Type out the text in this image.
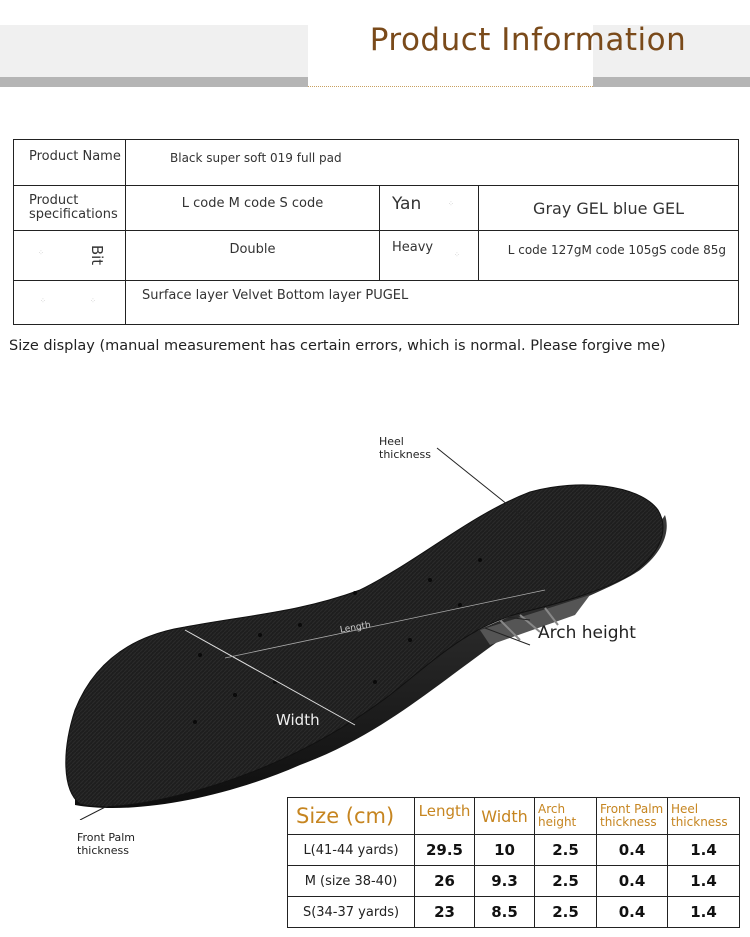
Product Information
Product Name	Black super soft 019 full pad		
Product specifications	L code M code S code	Yan ⁘	Gray GEL blue GEL

⁘ Bit	Double	Heavy ⁘	L code 127gM code 105gS code 85g

⁘ ⁘	Surface layer Velvet Bottom layer PUGEL		
Size display (manual measurement has certain errors, which is normal. Please forgive me)
Heel
thickness
Arch height
Length
Width
Front Palm
thickness
Size (cm)	Length	Width	Arch height	Front Palm thickness	Heel thickness
L(41-44 yards)	29.5	10	2.5	0.4	1.4
M (size 38-40)	26	9.3	2.5	0.4	1.4
S(34-37 yards)	23	8.5	2.5	0.4	1.4
